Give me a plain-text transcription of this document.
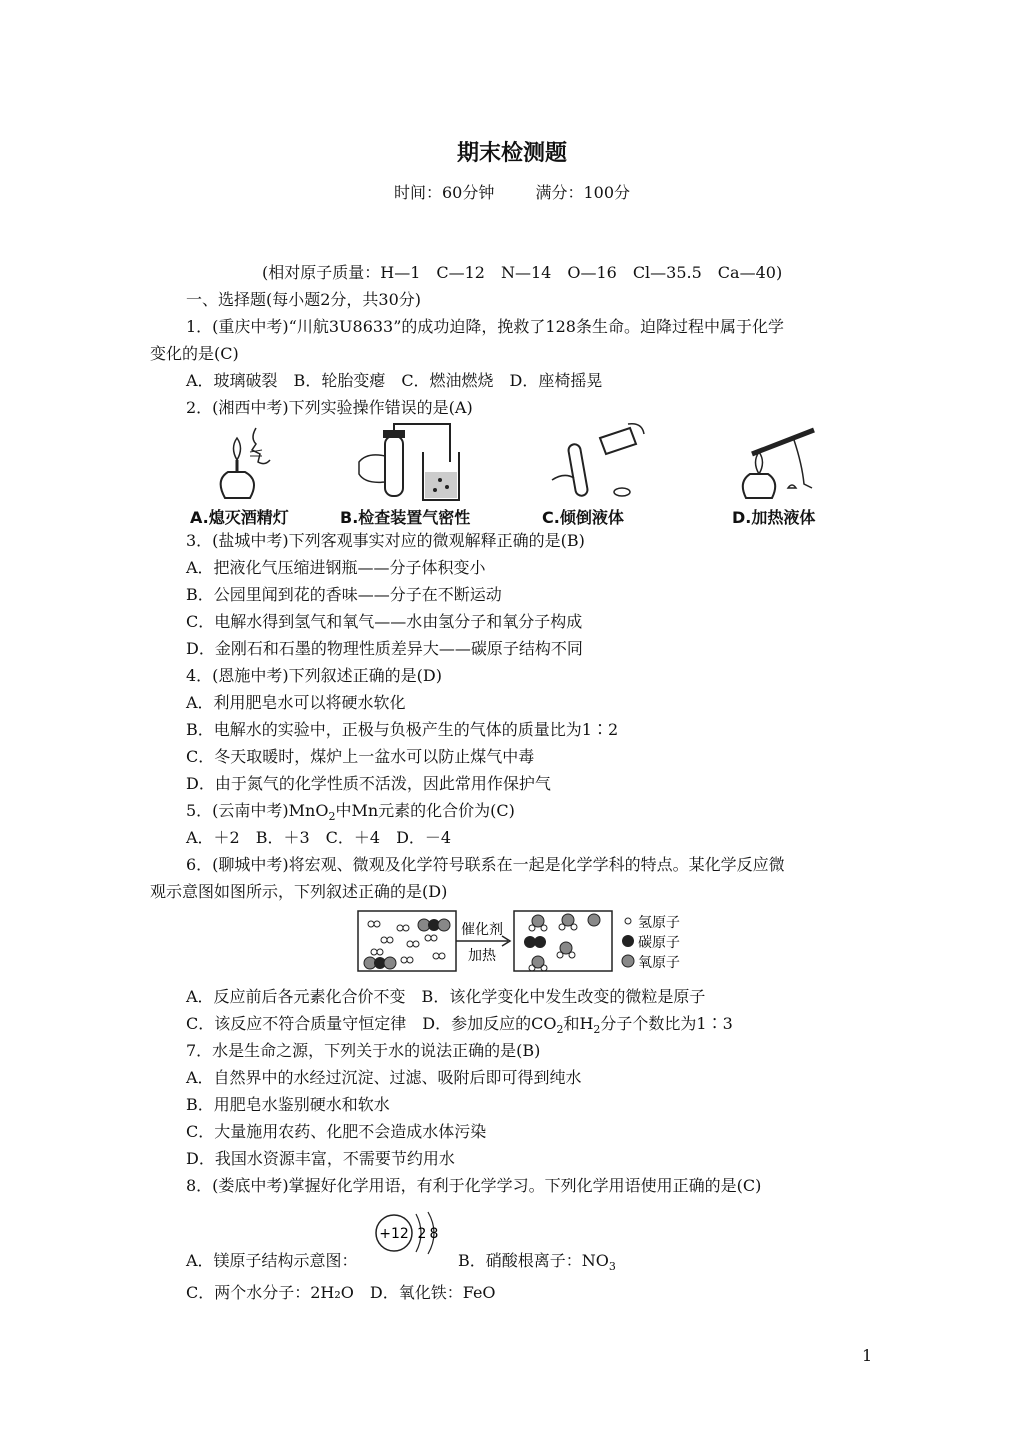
期末检测题
时间：60分钟	满分：100分
(相对原子质量：H—1　C—12　N—14　O—16　Cl—35.5　Ca—40)
一、选择题(每小题2分，共30分)
1．(重庆中考)“川航3U8633”的成功迫降，挽救了128条生命。迫降过程中属于化学
变化的是(C)
A．玻璃破裂　B．轮胎变瘪　C．燃油燃烧　D．座椅摇晃
2．(湘西中考)下列实验操作错误的是(A)
A.熄灭酒精灯	B.检查装置气密性	C.倾倒液体	D.加热液体
3．(盐城中考)下列客观事实对应的微观解释正确的是(B)
A．把液化气压缩进钢瓶——分子体积变小
B．公园里闻到花的香味——分子在不断运动
C．电解水得到氢气和氧气——水由氢分子和氧分子构成
D．金刚石和石墨的物理性质差异大——碳原子结构不同
4．(恩施中考)下列叙述正确的是(D)
A．利用肥皂水可以将硬水软化
B．电解水的实验中，正极与负极产生的气体的质量比为1∶2
C．冬天取暖时，煤炉上一盆水可以防止煤气中毒
D．由于氮气的化学性质不活泼，因此常用作保护气
5．(云南中考)MnO$_2$中Mn元素的化合价为(C)
A．＋2　B．＋3　C．＋4　D．－4
6．(聊城中考)将宏观、微观及化学符号联系在一起是化学学科的特点。某化学反应微
观示意图如图所示，下列叙述正确的是(D)
催化剂
加热
氢原子
碳原子
氧原子
A．反应前后各元素化合价不变　B．该化学变化中发生改变的微粒是原子
C．该反应不符合质量守恒定律　D．参加反应的$CO_2$和$H_2$分子个数比为1∶3
7．水是生命之源，下列关于水的说法正确的是(B)
A．自然界中的水经过沉淀、过滤、吸附后即可得到纯水
B．用肥皂水鉴别硬水和软水
C．大量施用农药、化肥不会造成水体污染
D．我国水资源丰富，不需要节约用水
8．(娄底中考)掌握好化学用语，有利于化学学习。下列化学用语使用正确的是(C)
A．镁原子结构示意图：
+12 2 8
B．硝酸根离子：$NO_3$
C．两个水分子：2H₂O　D．氧化铁：FeO
1
